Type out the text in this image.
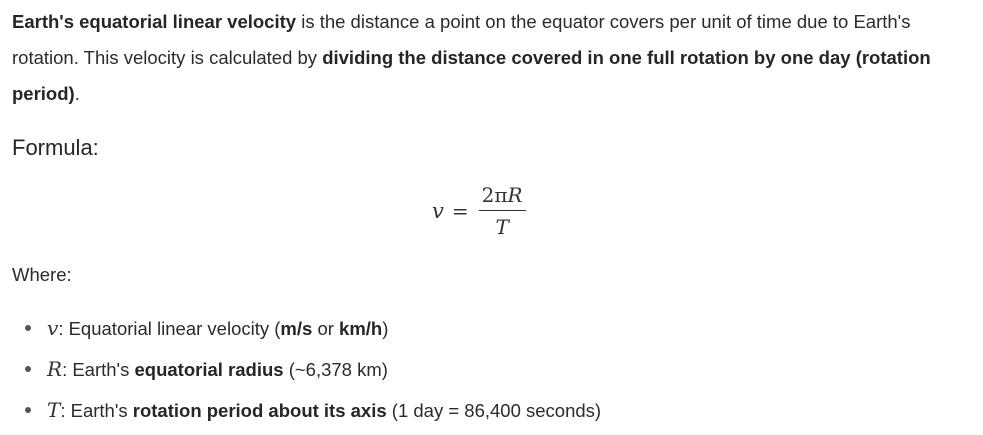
Earth's equatorial linear velocity is the distance a point on the equator covers per unit of time due to Earth's rotation. This velocity is calculated by dividing the distance covered in one full rotation by one day (rotation period).

Formula:
$v = \frac{2\pi R}{T}$

Where:

v: Equatorial linear velocity (m/s or km/h)
R: Earth's equatorial radius (~6,378 km)
T: Earth's rotation period about its axis (1 day = 86,400 seconds)
